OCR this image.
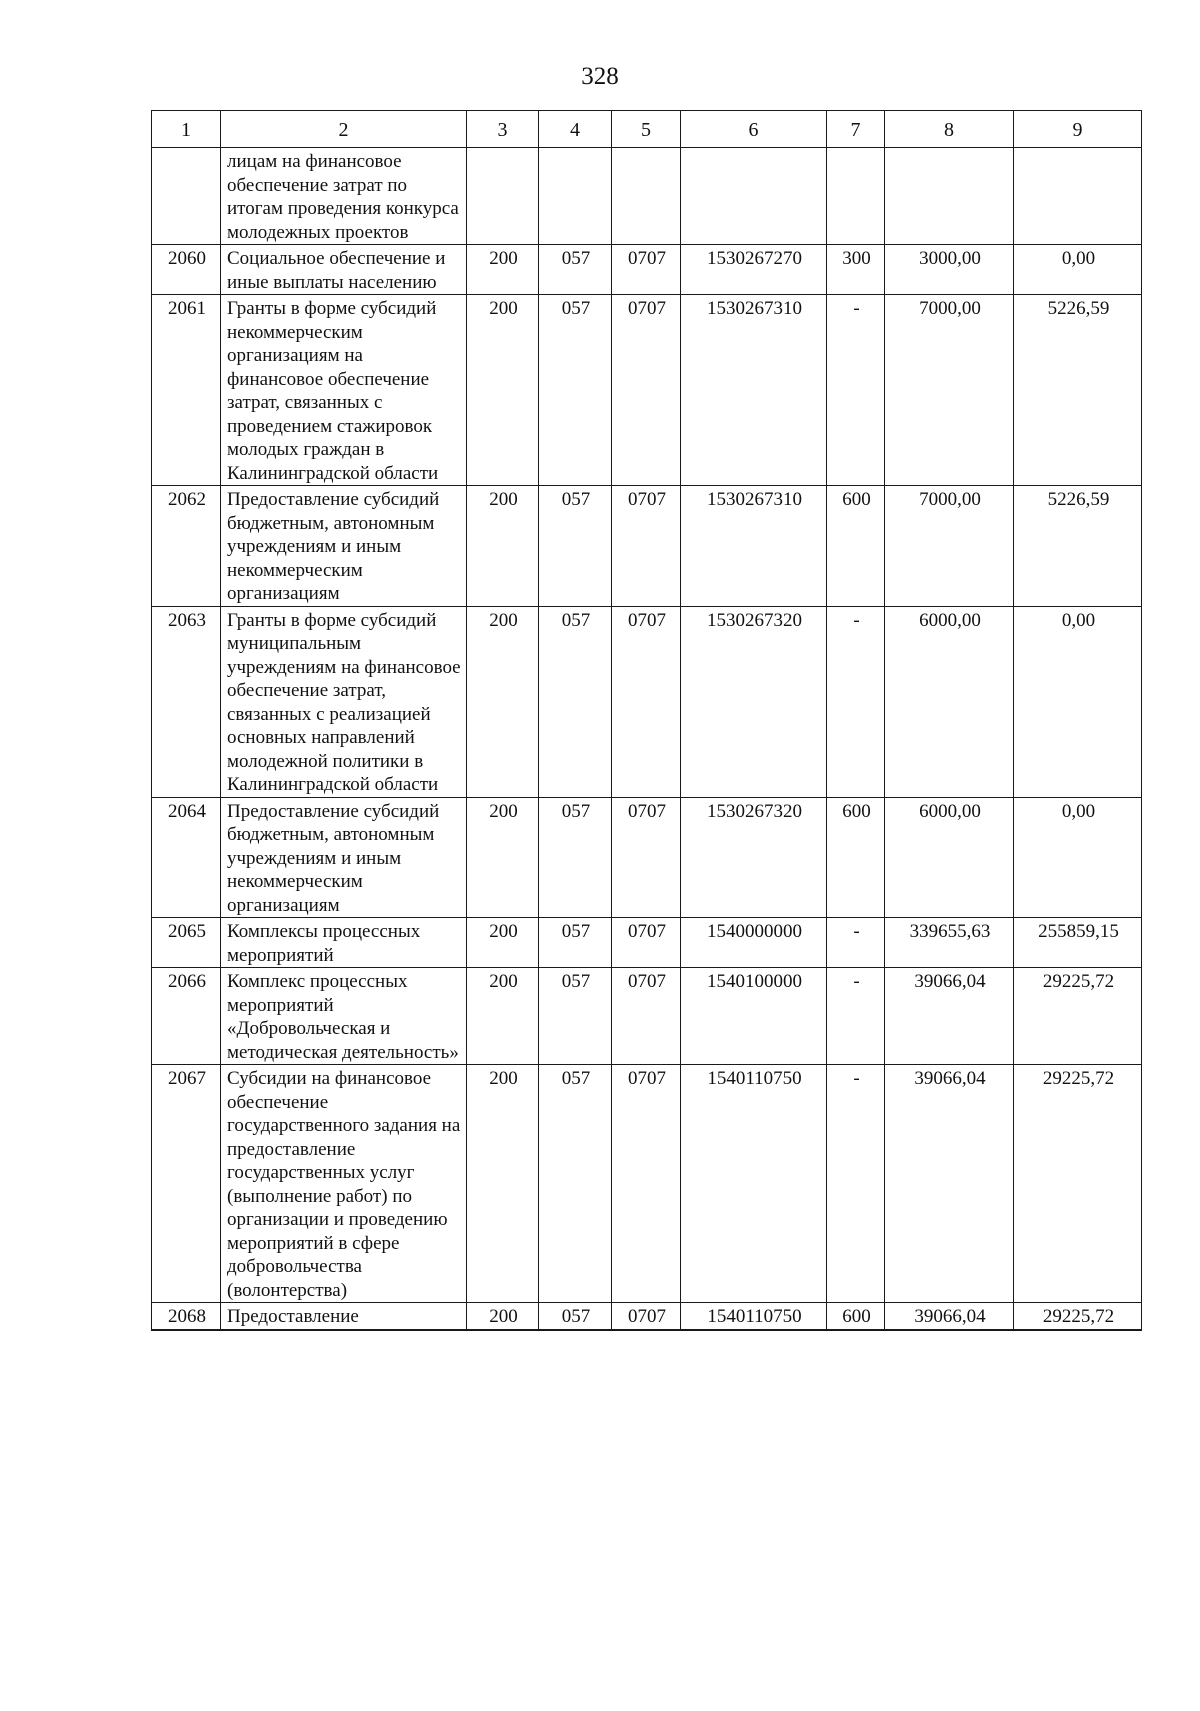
328
1	2	3	4	5	6	7	8	9
	лицам на финансовое обеспечение затрат по итогам проведения конкурса молодежных проектов							
2060	Социальное обеспечение и иные выплаты населению	200	057	0707	1530267270	300	3000,00	0,00
2061	Гранты в форме субсидий некоммерческим организациям на финансовое обеспечение затрат, связанных с проведением стажировок молодых граждан в Калининградской области	200	057	0707	1530267310	-	7000,00	5226,59
2062	Предоставление субсидий бюджетным, автономным учреждениям и иным некоммерческим организациям	200	057	0707	1530267310	600	7000,00	5226,59
2063	Гранты в форме субсидий муниципальным учреждениям на финансовое обеспечение затрат, связанных с реализацией основных направлений молодежной политики в Калининградской области	200	057	0707	1530267320	-	6000,00	0,00
2064	Предоставление субсидий бюджетным, автономным учреждениям и иным некоммерческим организациям	200	057	0707	1530267320	600	6000,00	0,00
2065	Комплексы процессных мероприятий	200	057	0707	1540000000	-	339655,63	255859,15
2066	Комплекс процессных мероприятий «Добровольческая и методическая деятельность»	200	057	0707	1540100000	-	39066,04	29225,72
2067	Субсидии на финансовое обеспечение государственного задания на предоставление государственных услуг (выполнение работ) по организации и проведению мероприятий в сфере добровольчества (волонтерства)	200	057	0707	1540110750	-	39066,04	29225,72
2068	Предоставление	200	057	0707	1540110750	600	39066,04	29225,72
